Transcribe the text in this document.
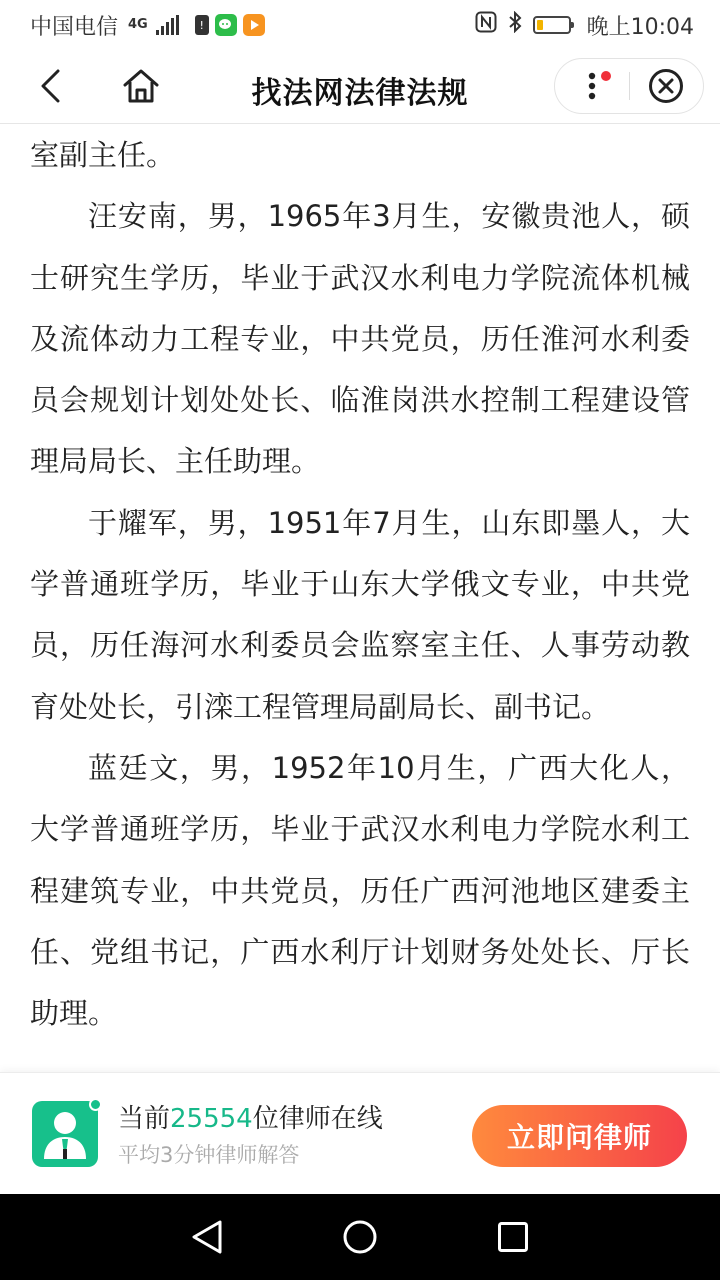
中国电信 4G	!	晚上10:04
找法网法律法规

室副主任。

汪安南，男，1965年3月生，安徽贵池人，硕士研究生学历，毕业于武汉水利电力学院流体机械及流体动力工程专业，中共党员，历任淮河水利委员会规划计划处处长、临淮岗洪水控制工程建设管理局局长、主任助理。

于耀军，男，1951年7月生，山东即墨人，大学普通班学历，毕业于山东大学俄文专业，中共党员，历任海河水利委员会监察室主任、人事劳动教育处处长，引滦工程管理局副局长、副书记。

蓝廷文，男，1952年10月生，广西大化人，大学普通班学历，毕业于武汉水利电力学院水利工程建筑专业，中共党员，历任广西河池地区建委主任、党组书记，广西水利厅计划财务处处长、厅长助理。

当前25554位律师在线
平均3分钟律师解答
立即问律师
